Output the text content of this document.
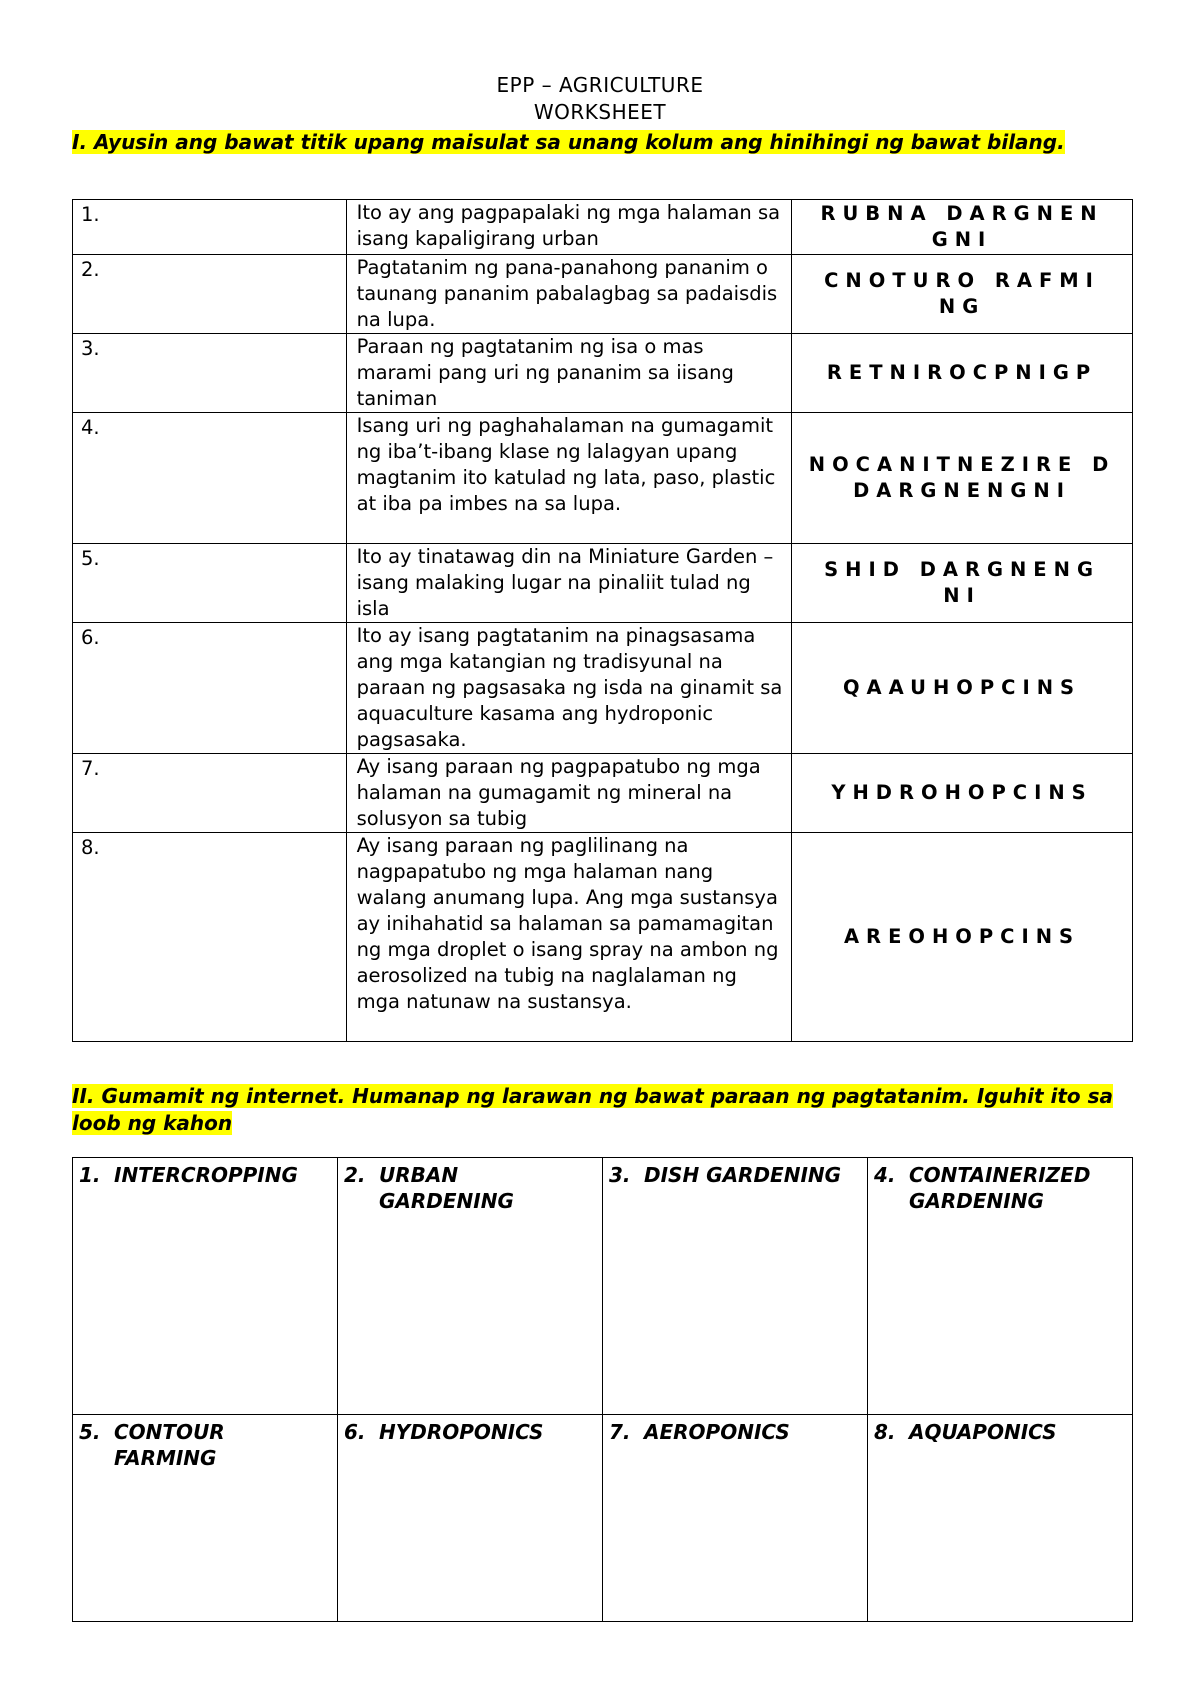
EPP – AGRICULTURE
WORKSHEET
I. Ayusin ang bawat titik upang maisulat sa unang kolum ang hinihingi ng bawat bilang.
1.	Ito ay ang pagpapalaki ng mga halaman sa isang kapaligirang urban	RUBNA DARGNEN GNI

2.	Pagtatanim ng pana-panahong pananim o taunang pananim pabalagbag sa padaisdis na lupa.	CNOTURO RAFMI NG

3.	Paraan ng pagtatanim ng isa o mas marami pang uri ng pananim sa iisang taniman	RETNIROCPNIGP

4.	Isang uri ng paghahalaman na gumagamit ng iba’t-ibang klase ng lalagyan upang magtanim ito katulad ng lata, paso, plastic at iba pa imbes na sa lupa.	NOCANITNEZIRE D
DARGNENGNI

5.	Ito ay tinatawag din na Miniature Garden – isang malaking lugar na pinaliit tulad ng isla	SHID DARGNENG NI

6.	Ito ay isang pagtatanim na pinagsasama ang mga katangian ng tradisyunal na paraan ng pagsasaka ng isda na ginamit sa aquaculture kasama ang hydroponic pagsasaka.	QAAUHOPCINS

7.	Ay isang paraan ng pagpapatubo ng mga halaman na gumagamit ng mineral na solusyon sa tubig	YHDROHOPCINS

8.	Ay isang paraan ng paglilinang na nagpapatubo ng mga halaman nang walang anumang lupa. Ang mga sustansya ay inihahatid sa halaman sa pamamagitan ng mga droplet o isang spray na ambon ng aerosolized na tubig na naglalaman ng mga natunaw na sustansya.	AREOHOPCINS
II. Gumamit ng internet. Humanap ng larawan ng bawat paraan ng pagtatanim. Iguhit ito sa loob ng kahon
1. INTERCROPPING	2. URBAN GARDENING	3. DISH GARDENING	4. CONTAINERIZED GARDENING

5. CONTOUR FARMING	6. HYDROPONICS	7. AEROPONICS	8. AQUAPONICS
